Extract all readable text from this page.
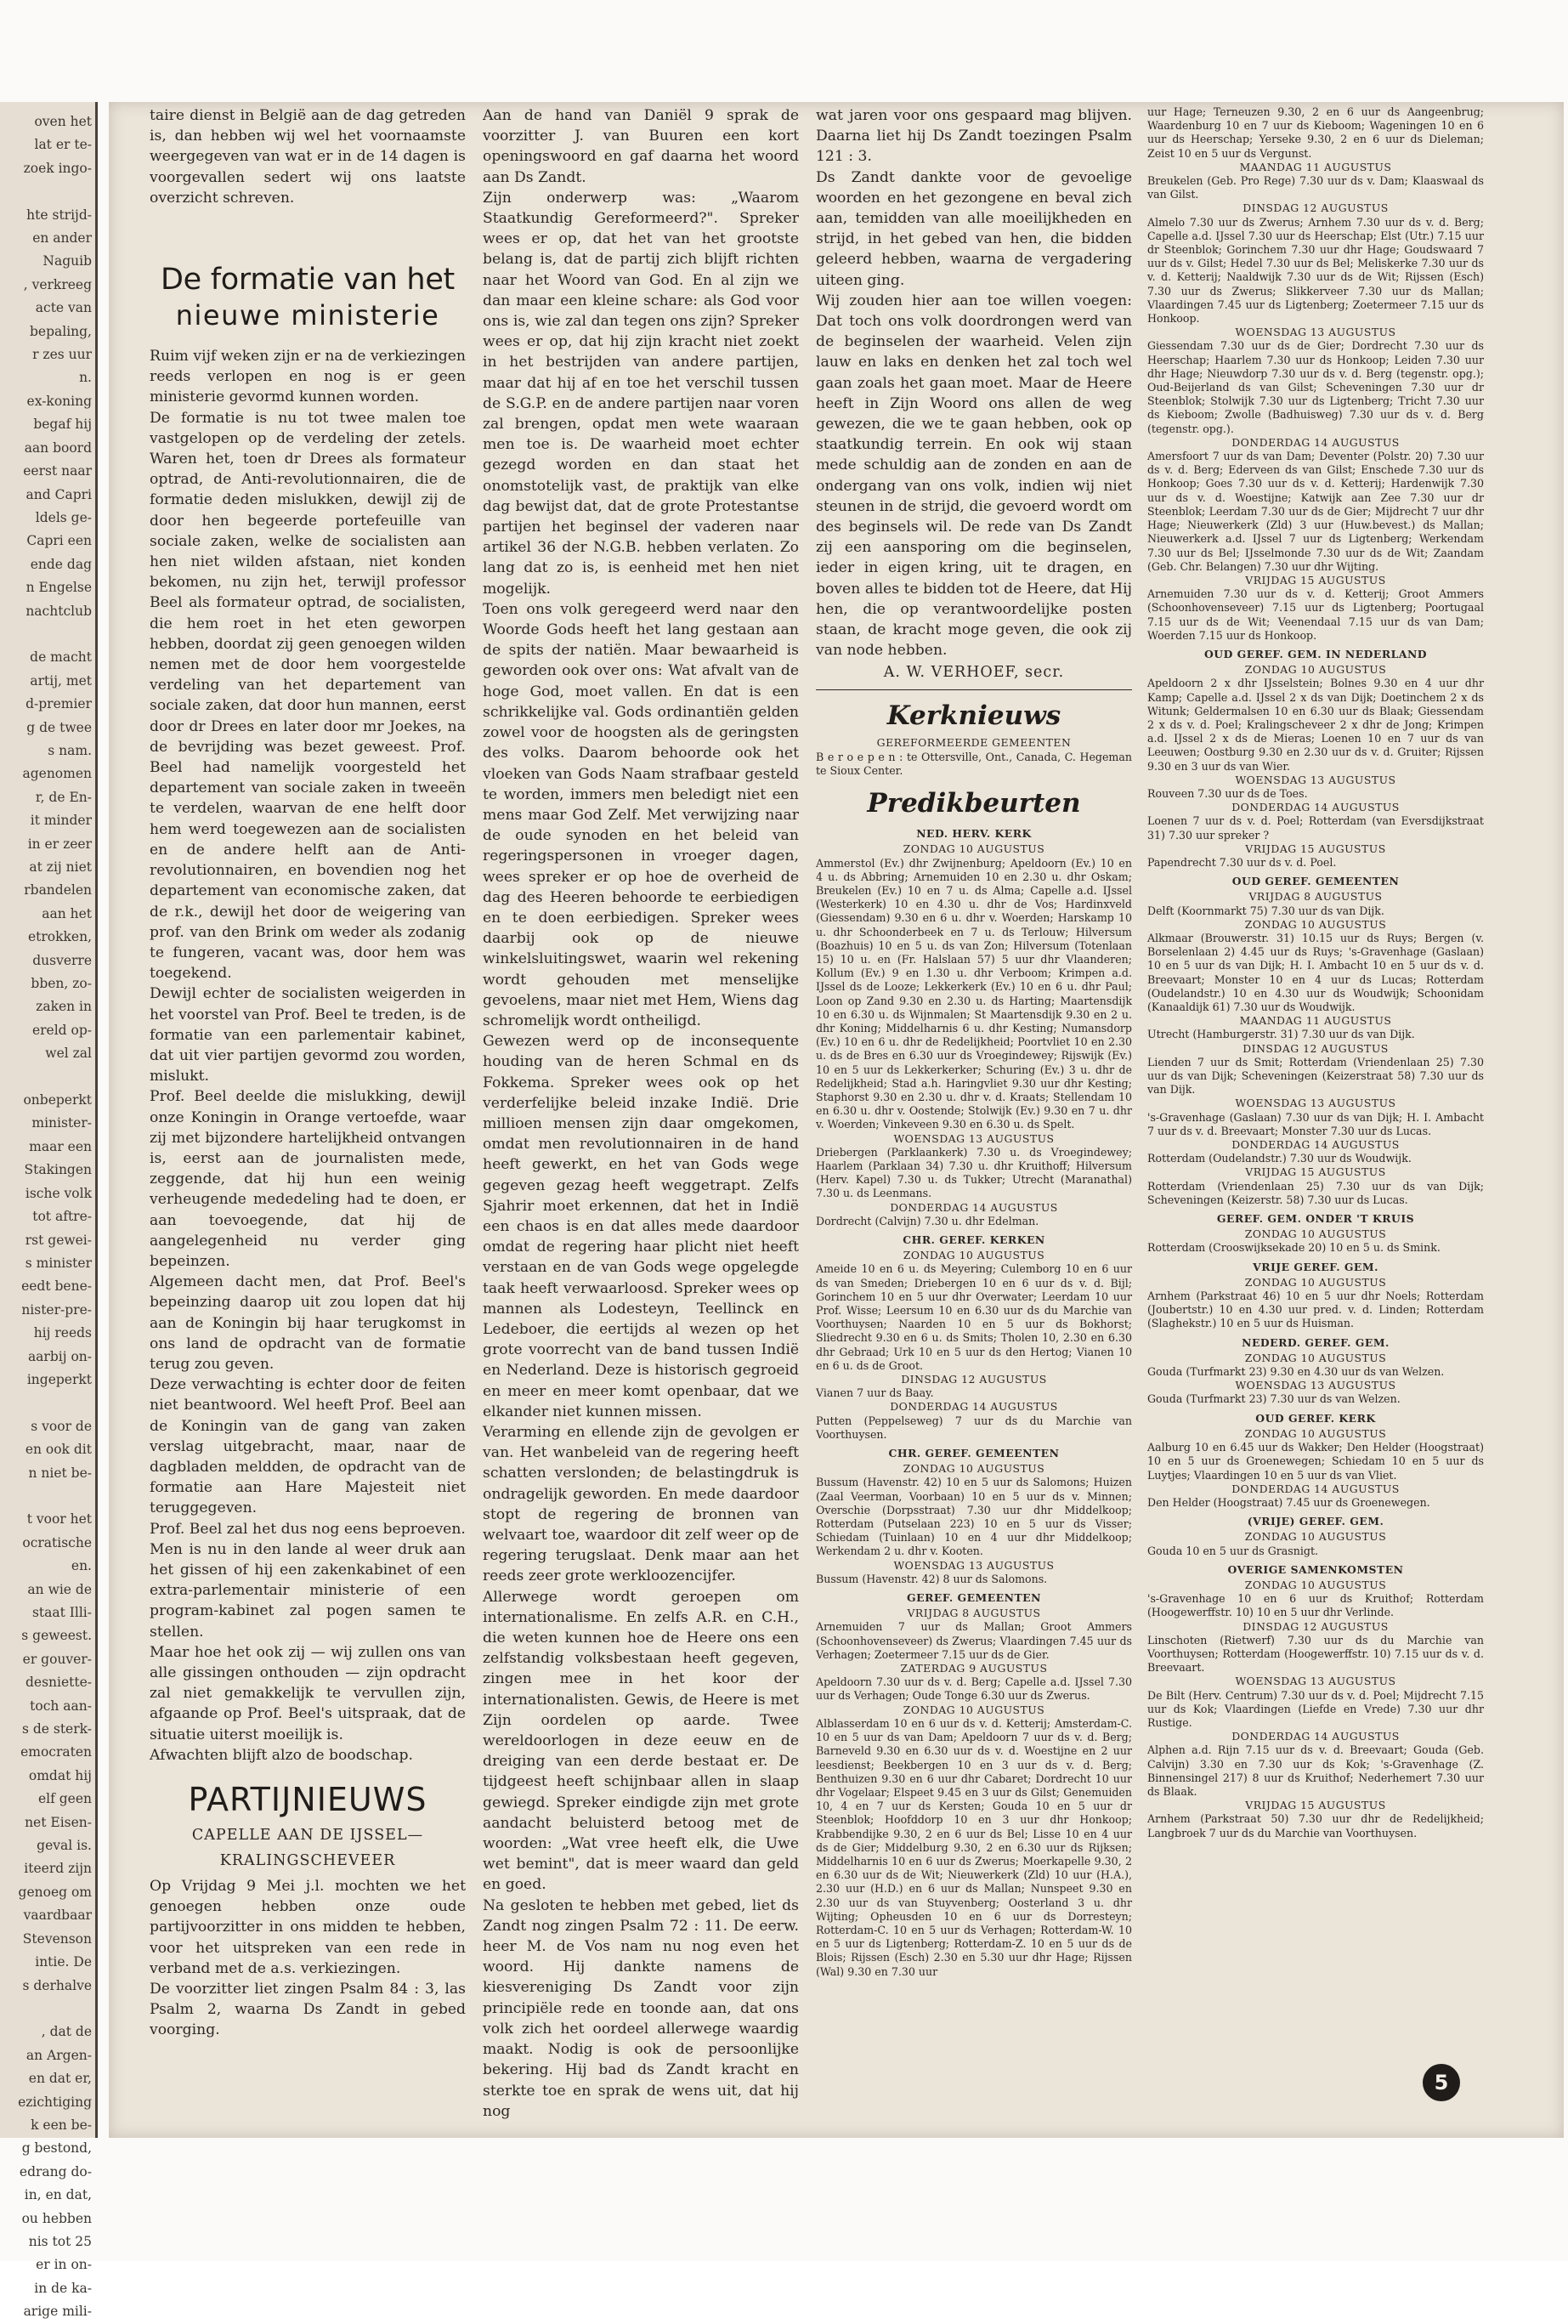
oven het
lat er te-
zoek ingo-

hte strijd-
en ander
Naguib
, verkreeg
acte van
bepaling,
r zes uur
n.
ex-koning
begaf hij
aan boord
eerst naar
and Capri
ldels ge-
Capri een
ende dag
n Engelse
nachtclub

de macht
artij, met
d-premier
g de twee
s nam.
agenomen
r, de En-
it minder
in er zeer
at zij niet
rbandelen
aan het
etrokken,
dusverre
bben, zo-
zaken in
ereld op-
wel zal

onbeperkt
minister-
maar een
Stakingen
ische volk
tot aftre-
rst gewei-
s minister
eedt bene-
nister-pre-
hij reeds
aarbij on-
ingeperkt

s voor de
en ook dit
n niet be-

t voor het
ocratische
en.
an wie de
staat Illi-
s geweest.
er gouver-
desniette-
toch aan-
s de sterk-
emocraten
omdat hij
elf geen
net Eisen-
geval is.
iteerd zijn
genoeg om
vaardbaar
Stevenson
intie. De
s derhalve

, dat de
an Argen-
en dat er,
ezichtiging
k een be-
g bestond,
edrang do-
in, en dat,
ou hebben
nis tot 25
er in on-
in de ka-
arige mili-

taire dienst in België aan de dag getreden is, dan hebben wij wel het voornaamste weergegeven van wat er in de 14 dagen is voorgevallen sedert wij ons laatste overzicht schreven.

De formatie van het
nieuwe ministerie

Ruim vijf weken zijn er na de verkiezingen reeds verlopen en nog is er geen ministerie gevormd kunnen worden.

De formatie is nu tot twee malen toe vastgelopen op de verdeling der zetels. Waren het, toen dr Drees als formateur optrad, de Anti-revolutionnairen, die de formatie deden mislukken, dewijl zij de door hen begeerde portefeuille van sociale zaken, welke de socialisten aan hen niet wilden afstaan, niet konden bekomen, nu zijn het, terwijl professor Beel als formateur optrad, de socialisten, die hem roet in het eten geworpen hebben, doordat zij geen genoegen wilden nemen met de door hem voorgestelde verdeling van het departement van sociale zaken, dat door hun mannen, eerst door dr Drees en later door mr Joekes, na de bevrijding was bezet geweest. Prof. Beel had namelijk voorgesteld het departement van sociale zaken in tweeën te verdelen, waarvan de ene helft door hem werd toegewezen aan de socialisten en de andere helft aan de Anti-revolutionnairen, en bovendien nog het departement van economische zaken, dat de r.k., dewijl het door de weigering van prof. van den Brink om weder als zodanig te fungeren, vacant was, door hem was toegekend.

Dewijl echter de socialisten weigerden in het voorstel van Prof. Beel te treden, is de formatie van een parlementair kabinet, dat uit vier partijen gevormd zou worden, mislukt.

Prof. Beel deelde die mislukking, dewijl onze Koningin in Orange vertoefde, waar zij met bijzondere hartelijkheid ontvangen is, eerst aan de journalisten mede, zeggende, dat hij hun een weinig verheugende mededeling had te doen, er aan toevoegende, dat hij de aangelegenheid nu verder ging bepeinzen.

Algemeen dacht men, dat Prof. Beel's bepeinzing daarop uit zou lopen dat hij aan de Koningin bij haar terugkomst in ons land de opdracht van de formatie terug zou geven.

Deze verwachting is echter door de feiten niet beantwoord. Wel heeft Prof. Beel aan de Koningin van de gang van zaken verslag uitgebracht, maar, naar de dagbladen meldden, de opdracht van de formatie aan Hare Majesteit niet teruggegeven.

Prof. Beel zal het dus nog eens beproeven.

Men is nu in den lande al weer druk aan het gissen of hij een zakenkabinet of een extra-parlementair ministerie of een program-kabinet zal pogen samen te stellen.

Maar hoe het ook zij — wij zullen ons van alle gissingen onthouden — zijn opdracht zal niet gemakkelijk te vervullen zijn, afgaande op Prof. Beel's uitspraak, dat de situatie uiterst moeilijk is.

Afwachten blijft alzo de boodschap.

PARTIJNIEUWS
CAPELLE AAN DE IJSSEL—
KRALINGSCHEVEER

Op Vrijdag 9 Mei j.l. mochten we het genoegen hebben onze oude partijvoorzitter in ons midden te hebben, voor het uitspreken van een rede in verband met de a.s. verkiezingen.

De voorzitter liet zingen Psalm 84 : 3, las Psalm 2, waarna Ds Zandt in gebed voorging.

Aan de hand van Daniël 9 sprak de voorzitter J. van Buuren een kort openingswoord en gaf daarna het woord aan Ds Zandt.

Zijn onderwerp was: „Waarom Staatkundig Gereformeerd?". Spreker wees er op, dat het van het grootste belang is, dat de partij zich blijft richten naar het Woord van God. En al zijn we dan maar een kleine schare: als God voor ons is, wie zal dan tegen ons zijn? Spreker wees er op, dat hij zijn kracht niet zoekt in het bestrijden van andere partijen, maar dat hij af en toe het verschil tussen de S.G.P. en de andere partijen naar voren zal brengen, opdat men wete waaraan men toe is. De waarheid moet echter gezegd worden en dan staat het onomstotelijk vast, de praktijk van elke dag bewijst dat, dat de grote Protestantse partijen het beginsel der vaderen naar artikel 36 der N.G.B. hebben verlaten. Zo lang dat zo is, is eenheid met hen niet mogelijk.

Toen ons volk geregeerd werd naar den Woorde Gods heeft het lang gestaan aan de spits der natiën. Maar bewaarheid is geworden ook over ons: Wat afvalt van de hoge God, moet vallen. En dat is een schrikkelijke val. Gods ordinantiën gelden zowel voor de hoogsten als de geringsten des volks. Daarom behoorde ook het vloeken van Gods Naam strafbaar gesteld te worden, immers men beledigt niet een mens maar God Zelf. Met verwijzing naar de oude synoden en het beleid van regeringspersonen in vroeger dagen, wees spreker er op hoe de overheid de dag des Heeren behoorde te eerbiedigen en te doen eerbiedigen. Spreker wees daarbij ook op de nieuwe winkelsluitingswet, waarin wel rekening wordt gehouden met menselijke gevoelens, maar niet met Hem, Wiens dag schromelijk wordt ontheiligd.

Gewezen werd op de inconsequente houding van de heren Schmal en ds Fokkema. Spreker wees ook op het verderfelijke beleid inzake Indië. Drie millioen mensen zijn daar omgekomen, omdat men revolutionnairen in de hand heeft gewerkt, en het van Gods wege gegeven gezag heeft weggetrapt. Zelfs Sjahrir moet erkennen, dat het in Indië een chaos is en dat alles mede daardoor omdat de regering haar plicht niet heeft verstaan en de van Gods wege opgelegde taak heeft verwaarloosd. Spreker wees op mannen als Lodesteyn, Teellinck en Ledeboer, die eertijds al wezen op het grote voorrecht van de band tussen Indië en Nederland. Deze is historisch gegroeid en meer en meer komt openbaar, dat we elkander niet kunnen missen.

Verarming en ellende zijn de gevolgen er van. Het wanbeleid van de regering heeft schatten verslonden; de belastingdruk is ondragelijk geworden. En mede daardoor stopt de regering de bronnen van welvaart toe, waardoor dit zelf weer op de regering terugslaat. Denk maar aan het reeds zeer grote werkloozencijfer.

Allerwege wordt geroepen om internationalisme. En zelfs A.R. en C.H., die weten kunnen hoe de Heere ons een zelfstandig volksbestaan heeft gegeven, zingen mee in het koor der internationalisten. Gewis, de Heere is met Zijn oordelen op aarde. Twee wereldoorlogen in deze eeuw en de dreiging van een derde bestaat er. De tijdgeest heeft schijnbaar allen in slaap gewiegd. Spreker eindigde zijn met grote aandacht beluisterd betoog met de woorden: „Wat vree heeft elk, die Uwe wet bemint", dat is meer waard dan geld en goed.

Na gesloten te hebben met gebed, liet ds Zandt nog zingen Psalm 72 : 11. De eerw. heer M. de Vos nam nu nog even het woord. Hij dankte namens de kiesvereniging Ds Zandt voor zijn principiële rede en toonde aan, dat ons volk zich het oordeel allerwege waardig maakt. Nodig is ook de persoonlijke bekering. Hij bad ds Zandt kracht en sterkte toe en sprak de wens uit, dat hij nog

wat jaren voor ons gespaard mag blijven. Daarna liet hij Ds Zandt toezingen Psalm 121 : 3.

Ds Zandt dankte voor de gevoelige woorden en het gezongene en beval zich aan, temidden van alle moeilijkheden en strijd, in het gebed van hen, die bidden geleerd hebben, waarna de vergadering uiteen ging.

Wij zouden hier aan toe willen voegen: Dat toch ons volk doordrongen werd van de beginselen der waarheid. Velen zijn lauw en laks en denken het zal toch wel gaan zoals het gaan moet. Maar de Heere heeft in Zijn Woord ons allen de weg gewezen, die we te gaan hebben, ook op staatkundig terrein. En ook wij staan mede schuldig aan de zonden en aan de ondergang van ons volk, indien wij niet steunen in de strijd, die gevoerd wordt om des beginsels wil. De rede van Ds Zandt zij een aansporing om die beginselen, ieder in eigen kring, uit te dragen, en boven alles te bidden tot de Heere, dat Hij hen, die op verantwoordelijke posten staan, de kracht moge geven, die ook zij van node hebben.

A. W. VERHOEF, secr.
Kerknieuws
GEREFORMEERDE GEMEENTEN

B e r o e p e n : te Ottersville, Ont., Canada, C. Hegeman te Sioux Center.

Predikbeurten
NED. HERV. KERK
ZONDAG 10 AUGUSTUS

Ammerstol (Ev.) dhr Zwijnenburg; Apeldoorn (Ev.) 10 en 4 u. ds Abbring; Arnemuiden 10 en 2.30 u. dhr Oskam; Breukelen (Ev.) 10 en 7 u. ds Alma; Capelle a.d. IJssel (Westerkerk) 10 en 4.30 u. dhr de Vos; Hardinxveld (Giessendam) 9.30 en 6 u. dhr v. Woerden; Harskamp 10 u. dhr Schoonderbeek en 7 u. ds Terlouw; Hilversum (Boazhuis) 10 en 5 u. ds van Zon; Hilversum (Totenlaan 15) 10 u. en (Fr. Halslaan 57) 5 uur dhr Vlaanderen; Kollum (Ev.) 9 en 1.30 u. dhr Verboom; Krimpen a.d. IJssel ds de Looze; Lekkerkerk (Ev.) 10 en 6 u. dhr Paul; Loon op Zand 9.30 en 2.30 u. ds Harting; Maartensdijk 10 en 6.30 u. ds Wijnmalen; St Maartensdijk 9.30 en 2 u. dhr Koning; Middelharnis 6 u. dhr Kesting; Numansdorp (Ev.) 10 en 6 u. dhr de Redelijkheid; Poortvliet 10 en 2.30 u. ds de Bres en 6.30 uur ds Vroegindewey; Rijswijk (Ev.) 10 en 5 uur ds Lekkerkerker; Schuring (Ev.) 3 u. dhr de Redelijkheid; Stad a.h. Haringvliet 9.30 uur dhr Kesting; Staphorst 9.30 en 2.30 u. dhr v. d. Kraats; Stellendam 10 en 6.30 u. dhr v. Oostende; Stolwijk (Ev.) 9.30 en 7 u. dhr v. Woerden; Vinkeveen 9.30 en 6.30 u. ds Spelt.

WOENSDAG 13 AUGUSTUS

Driebergen (Parklaankerk) 7.30 u. ds Vroegindewey; Haarlem (Parklaan 34) 7.30 u. dhr Kruithoff; Hilversum (Herv. Kapel) 7.30 u. ds Tukker; Utrecht (Maranathal) 7.30 u. ds Leenmans.

DONDERDAG 14 AUGUSTUS

Dordrecht (Calvijn) 7.30 u. dhr Edelman.

CHR. GEREF. KERKEN
ZONDAG 10 AUGUSTUS

Ameide 10 en 6 u. ds Meyering; Culemborg 10 en 6 uur ds van Smeden; Driebergen 10 en 6 uur ds v. d. Bijl; Gorinchem 10 en 5 uur dhr Overwater; Leerdam 10 uur Prof. Wisse; Leersum 10 en 6.30 uur ds du Marchie van Voorthuysen; Naarden 10 en 5 uur ds Bokhorst; Sliedrecht 9.30 en 6 u. ds Smits; Tholen 10, 2.30 en 6.30 dhr Gebraad; Urk 10 en 5 uur ds den Hertog; Vianen 10 en 6 u. ds de Groot.

DINSDAG 12 AUGUSTUS

Vianen 7 uur ds Baay.

DONDERDAG 14 AUGUSTUS

Putten (Peppelseweg) 7 uur ds du Marchie van Voorthuysen.

CHR. GEREF. GEMEENTEN
ZONDAG 10 AUGUSTUS

Bussum (Havenstr. 42) 10 en 5 uur ds Salomons; Huizen (Zaal Veerman, Voorbaan) 10 en 5 uur ds v. Minnen; Overschie (Dorpsstraat) 7.30 uur dhr Middelkoop; Rotterdam (Putselaan 223) 10 en 5 uur ds Visser; Schiedam (Tuinlaan) 10 en 4 uur dhr Middelkoop; Werkendam 2 u. dhr v. Kooten.

WOENSDAG 13 AUGUSTUS

Bussum (Havenstr. 42) 8 uur ds Salomons.

GEREF. GEMEENTEN
VRIJDAG 8 AUGUSTUS

Arnemuiden 7 uur ds Mallan; Groot Ammers (Schoonhovenseveer) ds Zwerus; Vlaardingen 7.45 uur ds Verhagen; Zoetermeer 7.15 uur ds de Gier.

ZATERDAG 9 AUGUSTUS

Apeldoorn 7.30 uur ds v. d. Berg; Capelle a.d. IJssel 7.30 uur ds Verhagen; Oude Tonge 6.30 uur ds Zwerus.

ZONDAG 10 AUGUSTUS

Alblasserdam 10 en 6 uur ds v. d. Ketterij; Amsterdam-C. 10 en 5 uur ds van Dam; Apeldoorn 7 uur ds v. d. Berg; Barneveld 9.30 en 6.30 uur ds v. d. Woestijne en 2 uur leesdienst; Beekbergen 10 en 3 uur ds v. d. Berg; Benthuizen 9.30 en 6 uur dhr Cabaret; Dordrecht 10 uur dhr Vogelaar; Elspeet 9.45 en 3 uur ds Gilst; Genemuiden 10, 4 en 7 uur ds Kersten; Gouda 10 en 5 uur dr Steenblok; Hoofddorp 10 en 3 uur dhr Honkoop; Krabbendijke 9.30, 2 en 6 uur ds Bel; Lisse 10 en 4 uur ds de Gier; Middelburg 9.30, 2 en 6.30 uur ds Rijksen; Middelharnis 10 en 6 uur ds Zwerus; Moerkapelle 9.30, 2 en 6.30 uur ds de Wit; Nieuwerkerk (Zld) 10 uur (H.A.), 2.30 uur (H.D.) en 6 uur ds Mallan; Nunspeet 9.30 en 2.30 uur ds van Stuyvenberg; Oosterland 3 u. dhr Wijting; Opheusden 10 en 6 uur ds Dorresteyn; Rotterdam-C. 10 en 5 uur ds Verhagen; Rotterdam-W. 10 en 5 uur ds Ligtenberg; Rotterdam-Z. 10 en 5 uur ds de Blois; Rijssen (Esch) 2.30 en 5.30 uur dhr Hage; Rijssen (Wal) 9.30 en 7.30 uur

uur Hage; Terneuzen 9.30, 2 en 6 uur ds Aangeenbrug; Waardenburg 10 en 7 uur ds Kieboom; Wageningen 10 en 6 uur ds Heerschap; Yerseke 9.30, 2 en 6 uur ds Dieleman; Zeist 10 en 5 uur ds Vergunst.

MAANDAG 11 AUGUSTUS

Breukelen (Geb. Pro Rege) 7.30 uur ds v. Dam; Klaaswaal ds van Gilst.

DINSDAG 12 AUGUSTUS

Almelo 7.30 uur ds Zwerus; Arnhem 7.30 uur ds v. d. Berg; Capelle a.d. IJssel 7.30 uur ds Heerschap; Elst (Utr.) 7.15 uur dr Steenblok; Gorinchem 7.30 uur dhr Hage; Goudswaard 7 uur ds v. Gilst; Hedel 7.30 uur ds Bel; Meliskerke 7.30 uur ds v. d. Ketterij; Naaldwijk 7.30 uur ds de Wit; Rijssen (Esch) 7.30 uur ds Zwerus; Slikkerveer 7.30 uur ds Mallan; Vlaardingen 7.45 uur ds Ligtenberg; Zoetermeer 7.15 uur ds Honkoop.

WOENSDAG 13 AUGUSTUS

Giessendam 7.30 uur ds de Gier; Dordrecht 7.30 uur ds Heerschap; Haarlem 7.30 uur ds Honkoop; Leiden 7.30 uur dhr Hage; Nieuwdorp 7.30 uur ds v. d. Berg (tegenstr. opg.); Oud-Beijerland ds van Gilst; Scheveningen 7.30 uur dr Steenblok; Stolwijk 7.30 uur ds Ligtenberg; Tricht 7.30 uur ds Kieboom; Zwolle (Badhuisweg) 7.30 uur ds v. d. Berg (tegenstr. opg.).

DONDERDAG 14 AUGUSTUS

Amersfoort 7 uur ds van Dam; Deventer (Polstr. 20) 7.30 uur ds v. d. Berg; Ederveen ds van Gilst; Enschede 7.30 uur ds Honkoop; Goes 7.30 uur ds v. d. Ketterij; Hardenwijk 7.30 uur ds v. d. Woestijne; Katwijk aan Zee 7.30 uur dr Steenblok; Leerdam 7.30 uur ds de Gier; Mijdrecht 7 uur dhr Hage; Nieuwerkerk (Zld) 3 uur (Huw.bevest.) ds Mallan; Nieuwerkerk a.d. IJssel 7 uur ds Ligtenberg; Werkendam 7.30 uur ds Bel; IJsselmonde 7.30 uur ds de Wit; Zaandam (Geb. Chr. Belangen) 7.30 uur dhr Wijting.

VRIJDAG 15 AUGUSTUS

Arnemuiden 7.30 uur ds v. d. Ketterij; Groot Ammers (Schoonhovenseveer) 7.15 uur ds Ligtenberg; Poortugaal 7.15 uur ds de Wit; Veenendaal 7.15 uur ds van Dam; Woerden 7.15 uur ds Honkoop.

OUD GEREF. GEM. IN NEDERLAND
ZONDAG 10 AUGUSTUS

Apeldoorn 2 x dhr IJsselstein; Bolnes 9.30 en 4 uur dhr Kamp; Capelle a.d. IJssel 2 x ds van Dijk; Doetinchem 2 x ds Witunk; Geldermalsen 10 en 6.30 uur ds Blaak; Giessendam 2 x ds v. d. Poel; Kralingscheveer 2 x dhr de Jong; Krimpen a.d. IJssel 2 x ds de Mieras; Loenen 10 en 7 uur ds van Leeuwen; Oostburg 9.30 en 2.30 uur ds v. d. Gruiter; Rijssen 9.30 en 3 uur ds van Wier.

WOENSDAG 13 AUGUSTUS

Rouveen 7.30 uur ds de Toes.

DONDERDAG 14 AUGUSTUS

Loenen 7 uur ds v. d. Poel; Rotterdam (van Eversdijkstraat 31) 7.30 uur spreker ?

VRIJDAG 15 AUGUSTUS

Papendrecht 7.30 uur ds v. d. Poel.

OUD GEREF. GEMEENTEN
VRIJDAG 8 AUGUSTUS

Delft (Koornmarkt 75) 7.30 uur ds van Dijk.

ZONDAG 10 AUGUSTUS

Alkmaar (Brouwerstr. 31) 10.15 uur ds Ruys; Bergen (v. Borselenlaan 2) 4.45 uur ds Ruys; 's-Gravenhage (Gaslaan) 10 en 5 uur ds van Dijk; H. I. Ambacht 10 en 5 uur ds v. d. Breevaart; Monster 10 en 4 uur ds Lucas; Rotterdam (Oudelandstr.) 10 en 4.30 uur ds Woudwijk; Schoonidam (Kanaaldijk 61) 7.30 uur ds Woudwijk.

MAANDAG 11 AUGUSTUS

Utrecht (Hamburgerstr. 31) 7.30 uur ds van Dijk.

DINSDAG 12 AUGUSTUS

Lienden 7 uur ds Smit; Rotterdam (Vriendenlaan 25) 7.30 uur ds van Dijk; Scheveningen (Keizerstraat 58) 7.30 uur ds van Dijk.

WOENSDAG 13 AUGUSTUS

's-Gravenhage (Gaslaan) 7.30 uur ds van Dijk; H. I. Ambacht 7 uur ds v. d. Breevaart; Monster 7.30 uur ds Lucas.

DONDERDAG 14 AUGUSTUS

Rotterdam (Oudelandstr.) 7.30 uur ds Woudwijk.

VRIJDAG 15 AUGUSTUS

Rotterdam (Vriendenlaan 25) 7.30 uur ds van Dijk; Scheveningen (Keizerstr. 58) 7.30 uur ds Lucas.

GEREF. GEM. ONDER 'T KRUIS
ZONDAG 10 AUGUSTUS

Rotterdam (Crooswijksekade 20) 10 en 5 u. ds Smink.

VRIJE GEREF. GEM.
ZONDAG 10 AUGUSTUS

Arnhem (Parkstraat 46) 10 en 5 uur dhr Noels; Rotterdam (Joubertstr.) 10 en 4.30 uur pred. v. d. Linden; Rotterdam (Slaghekstr.) 10 en 5 uur ds Huisman.

NEDERD. GEREF. GEM.
ZONDAG 10 AUGUSTUS

Gouda (Turfmarkt 23) 9.30 en 4.30 uur ds van Welzen.

WOENSDAG 13 AUGUSTUS

Gouda (Turfmarkt 23) 7.30 uur ds van Welzen.

OUD GEREF. KERK
ZONDAG 10 AUGUSTUS

Aalburg 10 en 6.45 uur ds Wakker; Den Helder (Hoogstraat) 10 en 5 uur ds Groenewegen; Schiedam 10 en 5 uur ds Luytjes; Vlaardingen 10 en 5 uur ds van Vliet.

DONDERDAG 14 AUGUSTUS

Den Helder (Hoogstraat) 7.45 uur ds Groenewegen.

(VRIJE) GEREF. GEM.
ZONDAG 10 AUGUSTUS

Gouda 10 en 5 uur ds Grasnigt.

OVERIGE SAMENKOMSTEN
ZONDAG 10 AUGUSTUS

's-Gravenhage 10 en 6 uur ds Kruithof; Rotterdam (Hoogewerffstr. 10) 10 en 5 uur dhr Verlinde.

DINSDAG 12 AUGUSTUS

Linschoten (Rietwerf) 7.30 uur ds du Marchie van Voorthuysen; Rotterdam (Hoogewerffstr. 10) 7.15 uur ds v. d. Breevaart.

WOENSDAG 13 AUGUSTUS

De Bilt (Herv. Centrum) 7.30 uur ds v. d. Poel; Mijdrecht 7.15 uur ds Kok; Vlaardingen (Liefde en Vrede) 7.30 uur dhr Rustige.

DONDERDAG 14 AUGUSTUS

Alphen a.d. Rijn 7.15 uur ds v. d. Breevaart; Gouda (Geb. Calvijn) 3.30 en 7.30 uur ds Kok; 's-Gravenhage (Z. Binnensingel 217) 8 uur ds Kruithof; Nederhemert 7.30 uur ds Blaak.

VRIJDAG 15 AUGUSTUS

Arnhem (Parkstraat 50) 7.30 uur dhr de Redelijkheid; Langbroek 7 uur ds du Marchie van Voorthuysen.

5
